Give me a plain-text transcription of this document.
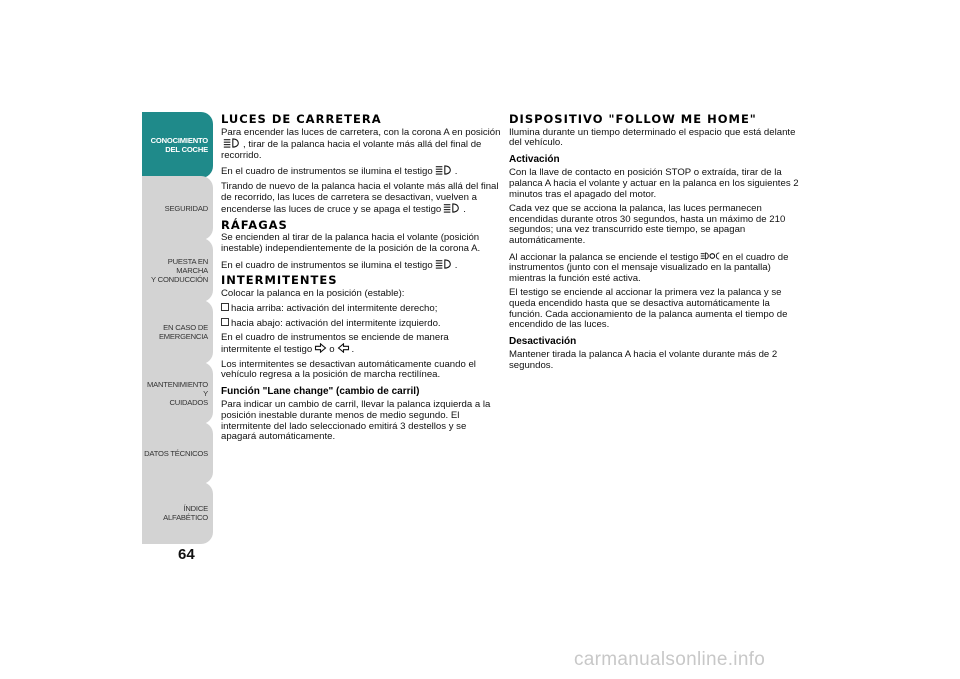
CONOCIMIENTO
DEL COCHE
SEGURIDAD
PUESTA EN MARCHA
Y CONDUCCIÓN
EN CASO DE
EMERGENCIA
MANTENIMIENTO Y
CUIDADOS
DATOS TÉCNICOS
ÍNDICE ALFABÉTICO
64
LUCES DE CARRETERA

Para encender las luces de carretera, con la corona A en posición
, tirar de la palanca hacia el volante más allá del final de recorrido.

En el cuadro de instrumentos se ilumina el testigo .

Tirando de nuevo de la palanca hacia el volante más allá del final de recorrido, las luces de carretera se desactivan, vuelven a encenderse las luces de cruce y se apaga el testigo .

RÁFAGAS

Se encienden al tirar de la palanca hacia el volante (posición inestable) independientemente de la posición de la corona A.

En el cuadro de instrumentos se ilumina el testigo .

INTERMITENTES

Colocar la palanca en la posición (estable):

hacia arriba: activación del intermitente derecho;
hacia abajo: activación del intermitente izquierdo.

En el cuadro de instrumentos se enciende de manera intermitente el testigo o .

Los intermitentes se desactivan automáticamente cuando el vehículo regresa a la posición de marcha rectilínea.

Función "Lane change" (cambio de carril)

Para indicar un cambio de carril, llevar la palanca izquierda a la posición inestable durante menos de medio segundo. El intermitente del lado seleccionado emitirá 3 destellos y se apagará automáticamente.

DISPOSITIVO "FOLLOW ME HOME"

Ilumina durante un tiempo determinado el espacio que está delante del vehículo.

Activación

Con la llave de contacto en posición STOP o extraída, tirar de la palanca A hacia el volante y actuar en la palanca en los siguientes 2 minutos tras el apagado del motor.

Cada vez que se acciona la palanca, las luces permanecen encendidas durante otros 30 segundos, hasta un máximo de 210 segundos; una vez transcurrido este tiempo, se apagan automáticamente.

Al accionar la palanca se enciende el testigo	en el cuadro de instrumentos (junto con el mensaje visualizado en la pantalla) mientras la función esté activa.

El testigo se enciende al accionar la primera vez la palanca y se queda encendido hasta que se desactiva automáticamente la función. Cada accionamiento de la palanca aumenta el tiempo de encendido de las luces.

Desactivación

Mantener tirada la palanca A hacia el volante durante más de 2 segundos.

carmanualsonline.info
